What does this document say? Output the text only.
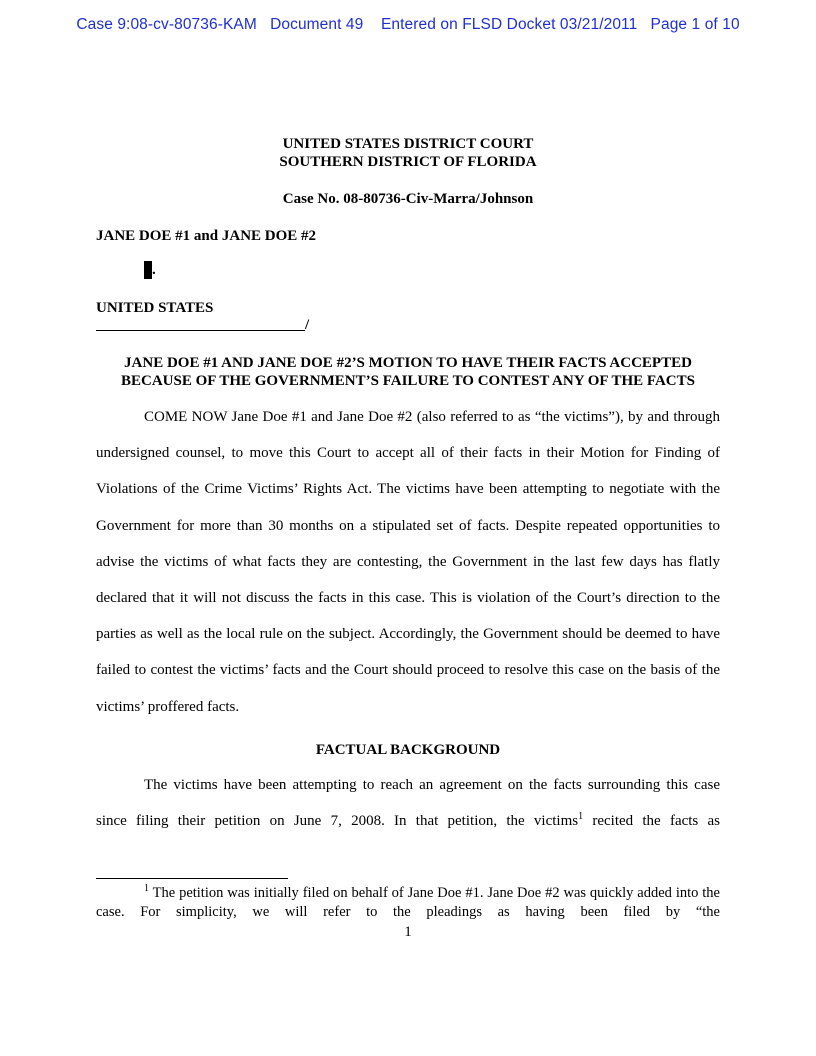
Case 9:08-cv-80736-KAM   Document 49    Entered on FLSD Docket 03/21/2011   Page 1 of 10
UNITED STATES DISTRICT COURT
SOUTHERN DISTRICT OF FLORIDA
Case No. 08-80736-Civ-Marra/Johnson
JANE DOE #1 and JANE DOE #2
.
UNITED STATES
/
JANE DOE #1 AND JANE DOE #2’S MOTION TO HAVE THEIR FACTS ACCEPTED
BECAUSE OF THE GOVERNMENT’S FAILURE TO CONTEST ANY OF THE FACTS
COME NOW Jane Doe #1 and Jane Doe #2 (also referred to as “the victims”), by and through undersigned counsel, to move this Court to accept all of their facts in their Motion for Finding of Violations of the Crime Victims’ Rights Act. The victims have been attempting to negotiate with the Government for more than 30 months on a stipulated set of facts. Despite repeated opportunities to advise the victims of what facts they are contesting, the Government in the last few days has flatly declared that it will not discuss the facts in this case. This is violation of the Court’s direction to the parties as well as the local rule on the subject. Accordingly, the Government should be deemed to have failed to contest the victims’ facts and the Court should proceed to resolve this case on the basis of the victims’ proffered facts.
FACTUAL BACKGROUND
The victims have been attempting to reach an agreement on the facts surrounding this case since filing their petition on June 7, 2008. In that petition, the victims$^1$ recited the facts as
$^1$ The petition was initially filed on behalf of Jane Doe #1. Jane Doe #2 was quickly added into the case. For simplicity, we will refer to the pleadings as having been filed by “the
1
